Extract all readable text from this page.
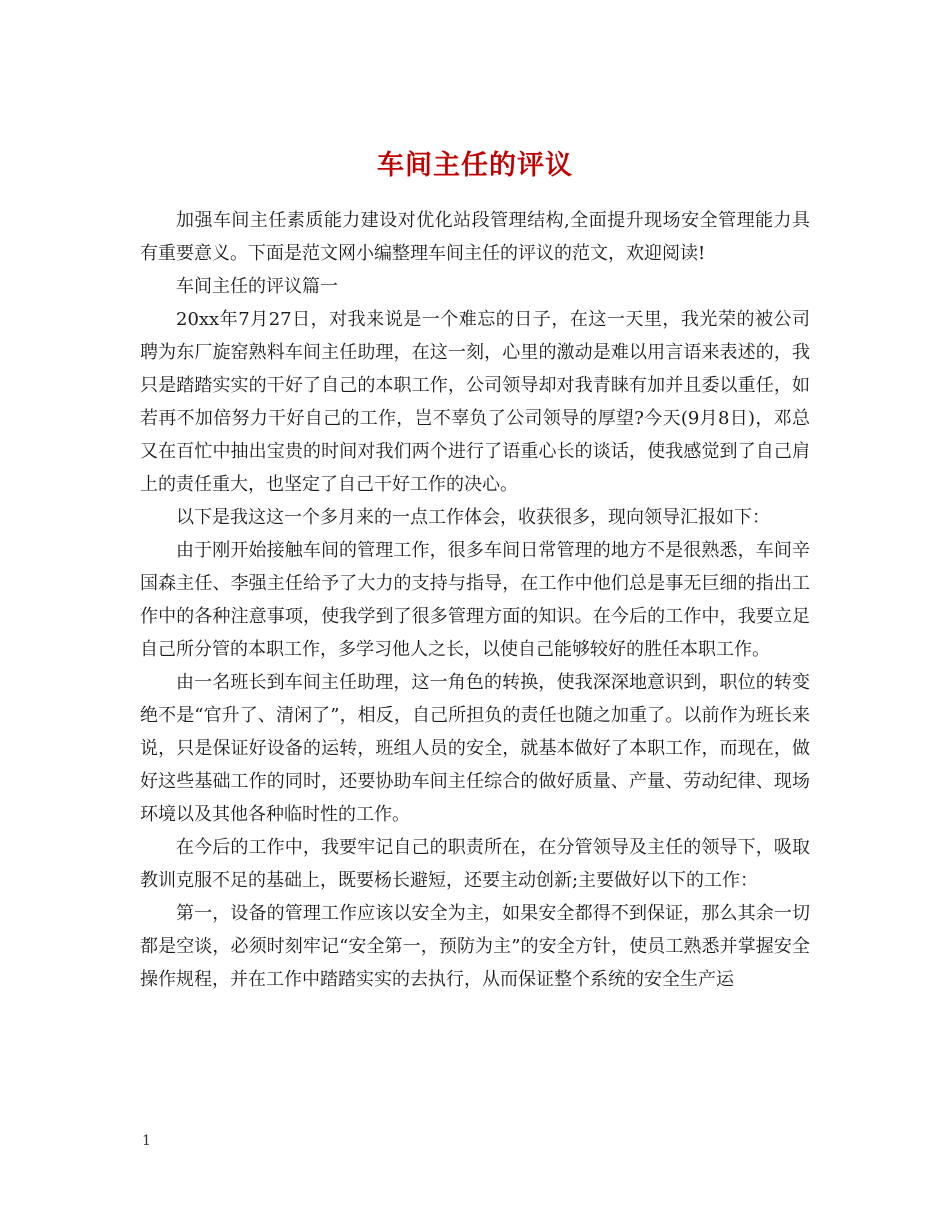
车间主任的评议

加强车间主任素质能力建设对优化站段管理结构,全面提升现场安全管理能力具有重要意义。下面是范文网小编整理车间主任的评议的范文，欢迎阅读!

车间主任的评议篇一

20xx年7月27日，对我来说是一个难忘的日子，在这一天里，我光荣的被公司聘为东厂旋窑熟料车间主任助理，在这一刻，心里的激动是难以用言语来表述的，我只是踏踏实实的干好了自己的本职工作，公司领导却对我青睐有加并且委以重任，如若再不加倍努力干好自己的工作，岂不辜负了公司领导的厚望?今天(9月8日)，邓总又在百忙中抽出宝贵的时间对我们两个进行了语重心长的谈话，使我感觉到了自己肩上的责任重大，也坚定了自己干好工作的决心。

以下是我这这一个多月来的一点工作体会，收获很多，现向领导汇报如下：

由于刚开始接触车间的管理工作，很多车间日常管理的地方不是很熟悉，车间辛国森主任、李强主任给予了大力的支持与指导，在工作中他们总是事无巨细的指出工作中的各种注意事项，使我学到了很多管理方面的知识。在今后的工作中，我要立足自己所分管的本职工作，多学习他人之长，以使自己能够较好的胜任本职工作。

由一名班长到车间主任助理，这一角色的转换，使我深深地意识到，职位的转变绝不是“官升了、清闲了”，相反，自己所担负的责任也随之加重了。以前作为班长来说，只是保证好设备的运转，班组人员的安全，就基本做好了本职工作，而现在，做好这些基础工作的同时，还要协助车间主任综合的做好质量、产量、劳动纪律、现场环境以及其他各种临时性的工作。

在今后的工作中，我要牢记自己的职责所在，在分管领导及主任的领导下，吸取教训克服不足的基础上，既要杨长避短，还要主动创新;主要做好以下的工作：

第一，设备的管理工作应该以安全为主，如果安全都得不到保证，那么其余一切都是空谈，必须时刻牢记“安全第一，预防为主”的安全方针，使员工熟悉并掌握安全操作规程，并在工作中踏踏实实的去执行，从而保证整个系统的安全生产运

1
